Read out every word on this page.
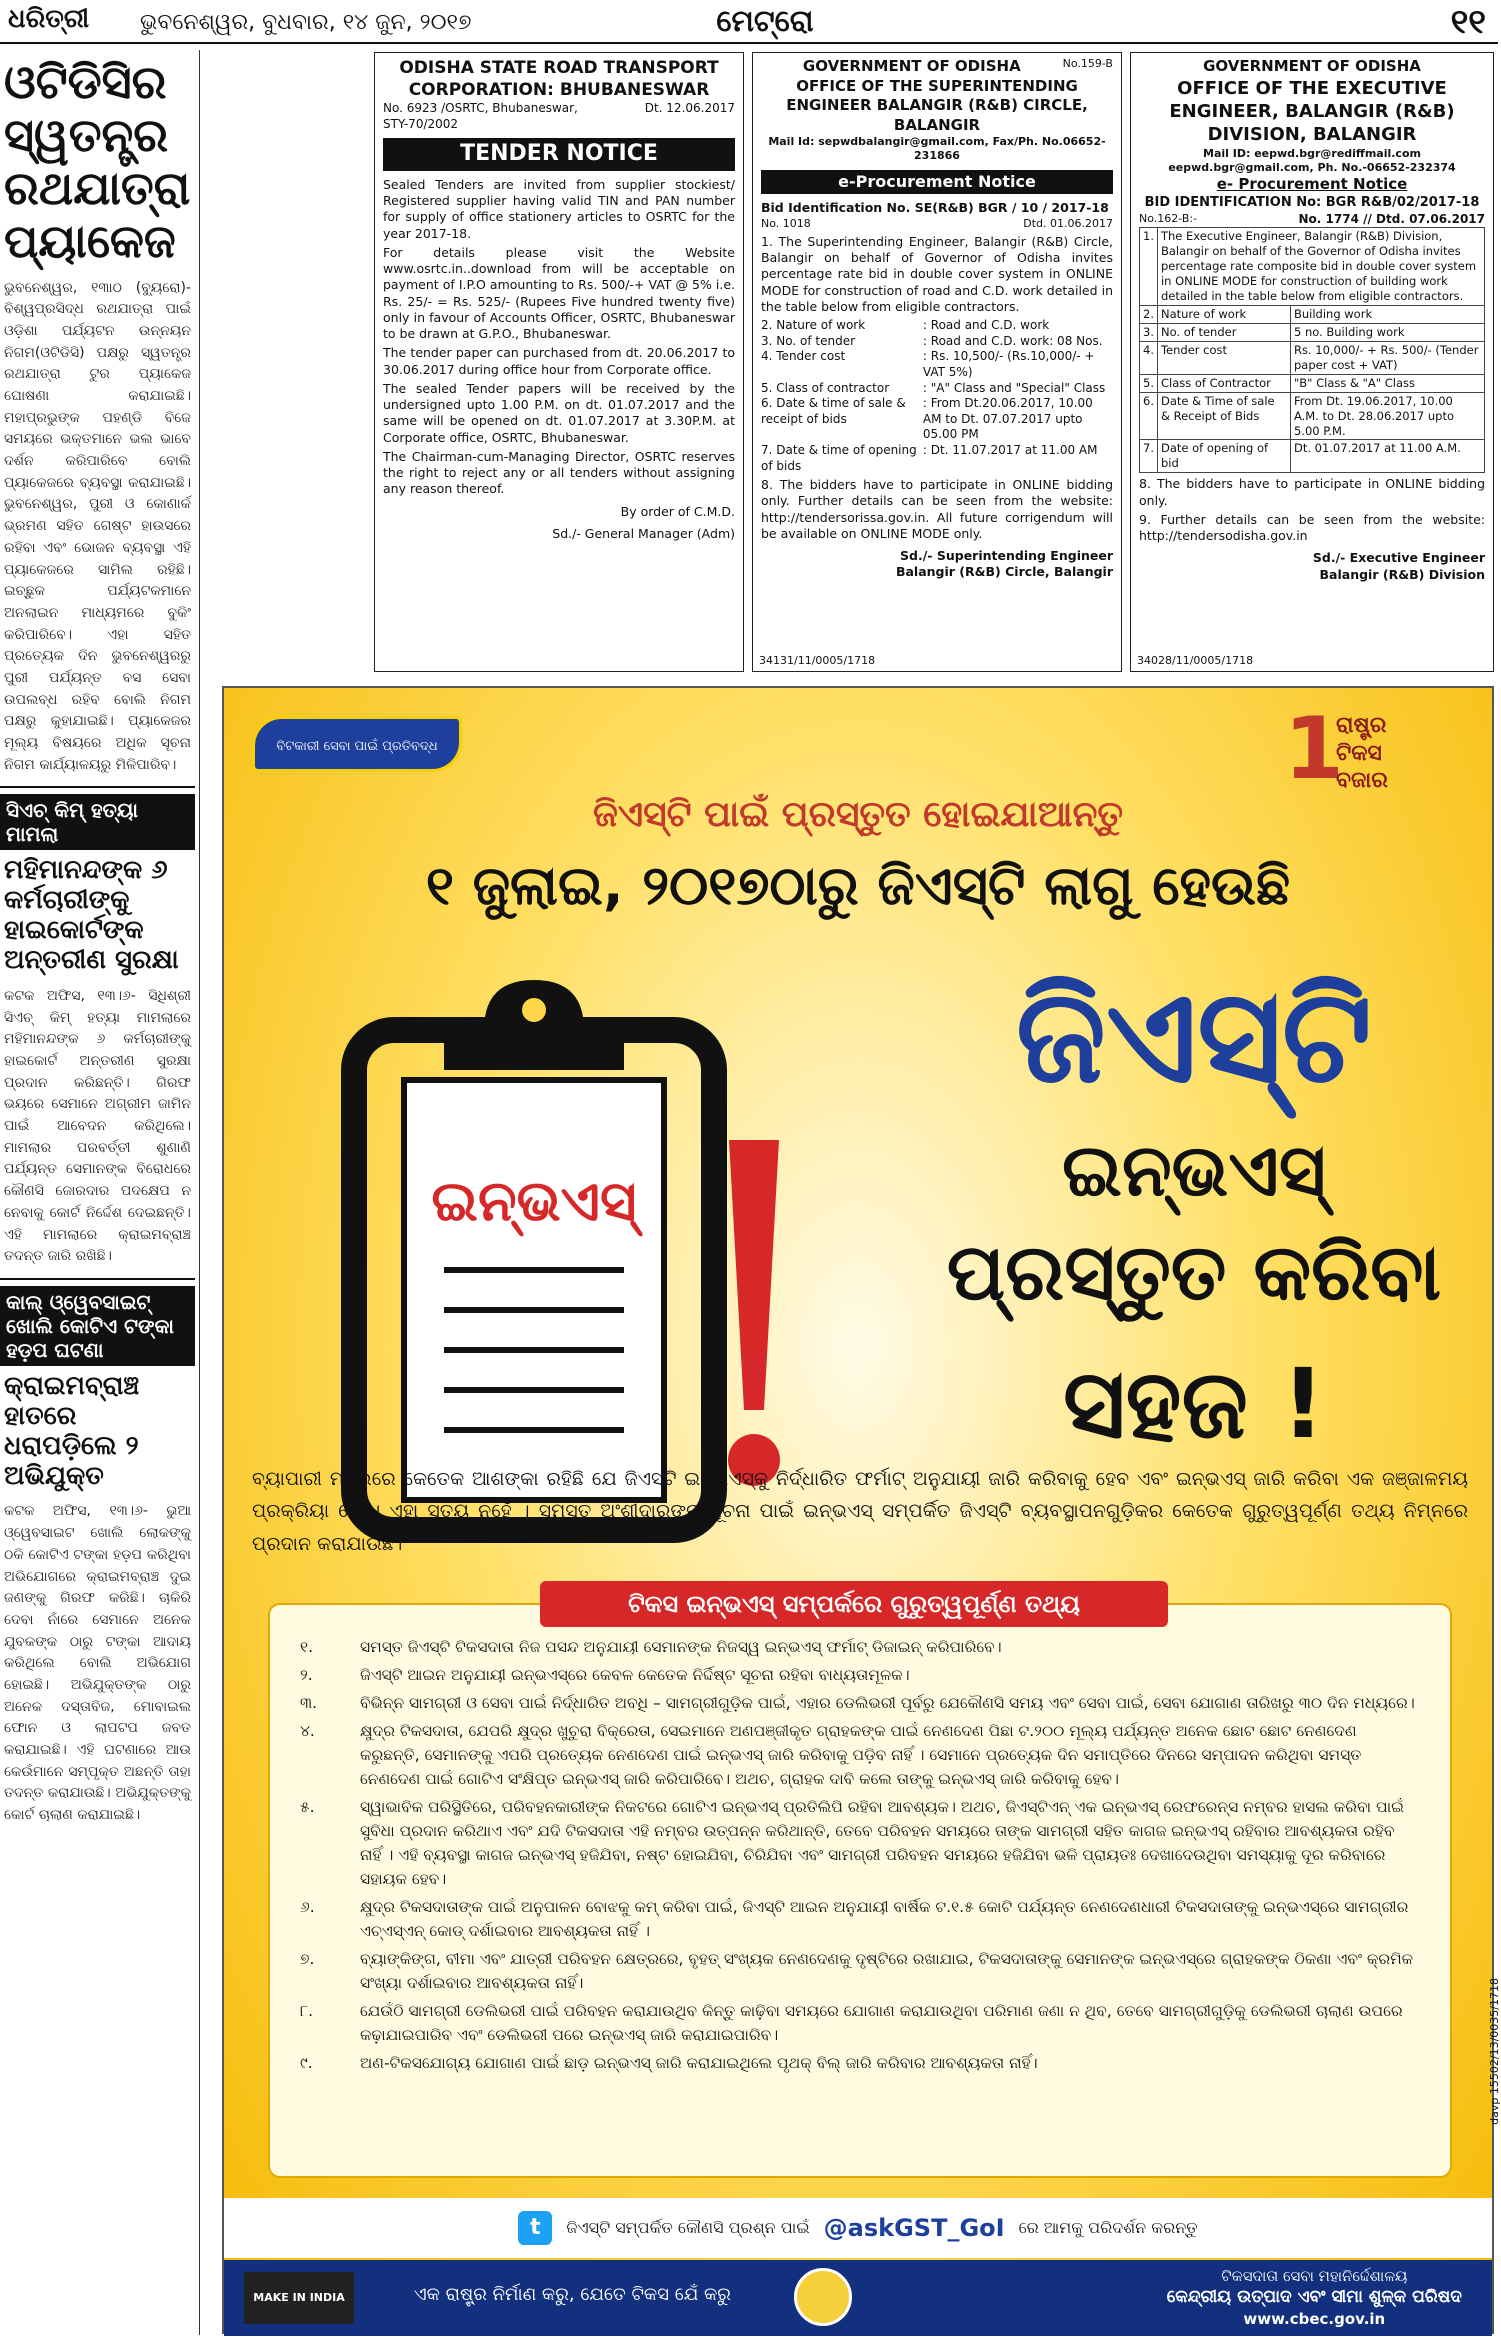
ଧରିତ୍ରୀ ଭୁବନେଶ୍ୱର, ବୁଧବାର, ୧୪ ଜୁନ, ୨୦୧୭	ମେଟ୍ରୋ	୧୧
ଓଟିଡିସିର ସ୍ୱତନ୍ତ୍ର ରଥଯାତ୍ରା ପ୍ୟାକେଜ
ଭୁବନେଶ୍ୱର, ୧୩ାଠ (ବ୍ୟୁରୋ)- ବିଶ୍ୱପ୍ରସିଦ୍ଧ ରଥଯାତ୍ରା ପାଇଁ ଓଡ଼ିଶା ପର୍ଯ୍ୟଟନ ଉନ୍ନୟନ ନିଗମ(ଓଟିଡିସି) ପକ୍ଷରୁ ସ୍ୱତନ୍ତ୍ର ରଥଯାତ୍ରା ଟୁର ପ୍ୟାକେଜ ଘୋଷଣା କରାଯାଇଛି। ମହାପ୍ରଭୁଙ୍କ ପହଣ୍ଡି ବିଜେ ସମୟରେ ଭକ୍ତମାନେ ଭଲ ଭାବେ ଦର୍ଶନ କରିପାରିବେ ବୋଲି ପ୍ୟାକେଜରେ ବ୍ୟବସ୍ଥା କରାଯାଇଛି। ଭୁବନେଶ୍ୱର, ପୁରୀ ଓ କୋଣାର୍କ ଭ୍ରମଣ ସହିତ ଗେଷ୍ଟ ହାଉସରେ ରହିବା ଏବଂ ଭୋଜନ ବ୍ୟବସ୍ଥା ଏହି ପ୍ୟାକେଜରେ ସାମିଲ ରହିଛି। ଇଚ୍ଛୁକ ପର୍ଯ୍ୟଟକମାନେ ଅନଲାଇନ ମାଧ୍ୟମରେ ବୁକିଂ କରିପାରିବେ। ଏହା ସହିତ ପ୍ରତ୍ୟେକ ଦିନ ଭୁବନେଶ୍ୱରରୁ ପୁରୀ ପର୍ଯ୍ୟନ୍ତ ବସ ସେବା ଉପଲବ୍ଧ ରହିବ ବୋଲି ନିଗମ ପକ୍ଷରୁ କୁହାଯାଇଛି। ପ୍ୟାକେଜର ମୂଲ୍ୟ ବିଷୟରେ ଅଧିକ ସୂଚନା ନିଗମ କାର୍ଯ୍ୟାଳୟରୁ ମିଳିପାରିବ।
ସିଏଚ୍ କିମ୍ ହତ୍ୟା ମାମଲା
ମହିମାନନ୍ଦଙ୍କ ୬ କର୍ମଚାରୀଙ୍କୁ ହାଇକୋର୍ଟଙ୍କ ଅନ୍ତରୀଣ ସୁରକ୍ଷା
କଟକ ଅଫିସ, ୧୩।୬- ସିଧିଶ୍ରୀ ସିଏଚ୍ କିମ୍ ହତ୍ୟା ମାମଲାରେ ମହିମାନନ୍ଦଙ୍କ ୬ କର୍ମଚାରୀଙ୍କୁ ହାଇକୋର୍ଟ ଅନ୍ତରୀଣ ସୁରକ୍ଷା ପ୍ରଦାନ କରିଛନ୍ତି। ଗିରଫ ଭୟରେ ସେମାନେ ଅଗ୍ରୀମ ଜାମିନ ପାଇଁ ଆବେଦନ କରିଥିଲେ। ମାମଲାର ପରବର୍ତ୍ତୀ ଶୁଣାଣି ପର୍ଯ୍ୟନ୍ତ ସେମାନଙ୍କ ବିରୋଧରେ କୌଣସି ଜୋରଦାର ପଦକ୍ଷେପ ନ ନେବାକୁ କୋର୍ଟ ନିର୍ଦ୍ଦେଶ ଦେଇଛନ୍ତି। ଏହି ମାମଲାରେ କ୍ରାଇମବ୍ରାଞ୍ଚ ତଦନ୍ତ ଜାରି ରଖିଛି।
କାଲ୍ ଓ୍ୱେବସାଇଟ୍ ଖୋଲି କୋଟିଏ ଟଙ୍କା ହଡ଼ପ ଘଟଣା
କ୍ରାଇମବ୍ରାଞ୍ଚ ହାତରେ ଧରାପଡ଼ିଲେ ୨ ଅଭିଯୁକ୍ତ
କଟକ ଅଫିସ, ୧୩।୬- ଭୁଆ ଓ୍ୱେବସାଇଟ ଖୋଲି ଲୋକଙ୍କୁ ଠକି କୋଟିଏ ଟଙ୍କା ହଡ଼ପ କରିଥିବା ଅଭିଯୋଗରେ କ୍ରାଇମବ୍ରାଞ୍ଚ ଦୁଇ ଜଣଙ୍କୁ ଗିରଫ କରିଛି। ଚାକିରି ଦେବା ନାଁରେ ସେମାନେ ଅନେକ ଯୁବକଙ୍କ ଠାରୁ ଟଙ୍କା ଆଦାୟ କରିଥିଲେ ବୋଲି ଅଭିଯୋଗ ହୋଇଛି। ଅଭିଯୁକ୍ତଙ୍କ ଠାରୁ ଅନେକ ଦସ୍ତାବିଜ, ମୋବାଇଲ ଫୋନ ଓ ଲାପଟପ ଜବତ କରାଯାଇଛି। ଏହି ଘଟଣାରେ ଆଉ କେଉଁମାନେ ସମ୍ପୃକ୍ତ ଅଛନ୍ତି ତାହା ତଦନ୍ତ କରାଯାଉଛି। ଅଭିଯୁକ୍ତଙ୍କୁ କୋର୍ଟ ଚାଲାଣ କରାଯାଇଛି।
ODISHA STATE ROAD TRANSPORT
CORPORATION: BHUBANESWAR
No. 6923 /OSRTC, Bhubaneswar,	Dt. 12.06.2017
STY-70/2002
TENDER NOTICE

Sealed Tenders are invited from supplier stockiest/ Registered supplier having valid TIN and PAN number for supply of office stationery articles to OSRTC for the year 2017-18.

For details please visit the Website www.osrtc.in..download from will be acceptable on payment of I.P.O amounting to Rs. 500/-+ VAT @ 5% i.e. Rs. 25/- = Rs. 525/- (Rupees Five hundred twenty five) only in favour of Accounts Officer, OSRTC, Bhubaneswar to be drawn at G.P.O., Bhubaneswar.

The tender paper can purchased from dt. 20.06.2017 to 30.06.2017 during office hour from Corporate office.

The sealed Tender papers will be received by the undersigned upto 1.00 P.M. on dt. 01.07.2017 and the same will be opened on dt. 01.07.2017 at 3.30P.M. at Corporate office, OSRTC, Bhubaneswar.

The Chairman-cum-Managing Director, OSRTC reserves the right to reject any or all tenders without assigning any reason thereof.

By order of C.M.D.
Sd./- General Manager (Adm)
GOVERNMENT OF ODISHA	No.159-B
OFFICE OF THE SUPERINTENDING ENGINEER BALANGIR (R&B) CIRCLE, BALANGIR
Mail Id: sepwdbalangir@gmail.com, Fax/Ph. No.06652-231866
e-Procurement Notice
Bid Identification No. SE(R&B) BGR / 10 / 2017-18
No. 1018	Dtd. 01.06.2017

1. The Superintending Engineer, Balangir (R&B) Circle, Balangir on behalf of Governor of Odisha invites percentage rate bid in double cover system in ONLINE MODE for construction of road and C.D. work detailed in the table below from eligible contractors.

2. Nature of work	: Road and C.D. work
3. No. of tender	: Road and C.D. work: 08 Nos.
4. Tender cost	: Rs. 10,500/- (Rs.10,000/- + VAT 5%)
5. Class of contractor	: "A" Class and "Special" Class
6. Date & time of sale & receipt of bids
: From Dt.20.06.2017, 10.00 AM to Dt. 07.07.2017 upto 05.00 PM
7. Date & time of opening of bids
: Dt. 11.07.2017 at 11.00 AM

8. The bidders have to participate in ONLINE bidding only. Further details can be seen from the website: http://tendersorissa.gov.in. All future corrigendum will be available on ONLINE MODE only.

Sd./- Superintending Engineer
Balangir (R&B) Circle, Balangir
34131/11/0005/1718
GOVERNMENT OF ODISHA
OFFICE OF THE EXECUTIVE ENGINEER, BALANGIR (R&B) DIVISION, BALANGIR
Mail ID: eepwd.bgr@rediffmail.com
eepwd.bgr@gmail.com, Ph. No.-06652-232374
e- Procurement Notice
BID IDENTIFICATION No: BGR R&B/02/2017-18
No.162-B:-	No. 1774 // Dtd. 07.06.2017
1.	The Executive Engineer, Balangir (R&B) Division, Balangir on behalf of the Governor of Odisha invites percentage rate composite bid in double cover system in ONLINE MODE for construction of building work detailed in the table below from eligible contractors.	
2.	Nature of work	Building work
3.	No. of tender	5 no. Building work
4.	Tender cost	Rs. 10,000/- + Rs. 500/- (Tender paper cost + VAT)
5.	Class of Contractor	"B" Class & "A" Class
6.	Date & Time of sale & Receipt of Bids	From Dt. 19.06.2017, 10.00 A.M. to Dt. 28.06.2017 upto 5.00 P.M.
7.	Date of opening of bid	Dt. 01.07.2017 at 11.00 A.M.

8. The bidders have to participate in ONLINE bidding only.

9. Further details can be seen from the website: http://tendersodisha.gov.in

Sd./- Executive Engineer
Balangir (R&B) Division
34028/11/0005/1718
ବିଟକାରୀ ସେବା ପାଇଁ ପ୍ରତିବଦ୍ଧ	1
ରାଷ୍ଟ୍ର
ଟିକସ
ବଜାର
ଜିଏସ୍‌ଟି ପାଇଁ ପ୍ରସ୍ତୁତ ହୋଇଯାଆନ୍ତୁ
୧ ଜୁଲାଇ, ୨୦୧୭ଠାରୁ ଜିଏସ୍‌ଟି ଲାଗୁ ହେଉଛି
ଇନ୍‌ଭଏସ୍
ଜିଏସ୍‌ଟି
ଇନ୍‌ଭଏସ୍
ପ୍ରସ୍ତୁତ କରିବା
ସହଜ !
ବ୍ୟାପାରୀ ମହଲରେ କେତେକ ଆଶଙ୍କା ରହିଛି ଯେ ଜିଏସ୍‌ଟି ଇନ୍‌ଭଏସ୍‌କୁ ନିର୍ଦ୍ଧାରିତ ଫର୍ମାଟ୍ ଅନୁଯାୟୀ ଜାରି କରିବାକୁ ହେବ ଏବଂ ଇନ୍‌ଭଏସ୍ ଜାରି କରିବା ଏକ ଜଞ୍ଜାଳମୟ ପ୍ରକ୍ରିୟା ହେବ। ଏହା ସତ୍ୟ ନୁହେଁ । ସମସ୍ତ ଅଂଶୀଦାରଙ୍କ ସୂଚନା ପାଇଁ ଇନ୍‌ଭଏସ୍ ସମ୍ପର୍କିତ ଜିଏସ୍‌ଟି ବ୍ୟବସ୍ଥାପନଗୁଡ଼ିକର କେତେକ ଗୁରୁତ୍ୱପୂର୍ଣ୍ଣ ତଥ୍ୟ ନିମ୍ନରେ ପ୍ରଦାନ କରାଯାଉଛି।
୧.	ସମସ୍ତ ଜିଏସ୍‌ଟି ଟିକସଦାତା ନିଜ ପସନ୍ଦ ଅନୁଯାୟୀ ସେମାନଙ୍କ ନିଜସ୍ୱ ଇନ୍‌ଭଏସ୍ ଫର୍ମାଟ୍ ଡିଜାଇନ୍ କରିପାରିବେ।
୨.	ଜିଏସ୍‌ଟି ଆଇନ ଅନୁଯାୟୀ ଇନ୍‌ଭଏସ୍‌ରେ କେବଳ କେତେକ ନିର୍ଦ୍ଦିଷ୍ଟ ସୂଚନା ରହିବା ବାଧ୍ୟତାମୂଳକ।
୩.	ବିଭିନ୍ନ ସାମଗ୍ରୀ ଓ ସେବା ପାଇଁ ନିର୍ଦ୍ଧାରିତ ଅବଧି – ସାମଗ୍ରୀଗୁଡ଼ିକ ପାଇଁ, ଏହାର ଡେଲିଭରୀ ପୂର୍ବରୁ ଯେକୌଣସି ସମୟ ଏବଂ ସେବା ପାଇଁ, ସେବା ଯୋଗାଣ ତାରିଖରୁ ୩୦ ଦିନ ମଧ୍ୟରେ।
୪.	କ୍ଷୁଦ୍ର ଟିକସଦାତା, ଯେପରି କ୍ଷୁଦ୍ର ଖୁଚୁରା ବିକ୍ରେତା, ସେଇମାନେ ଅଣପଞ୍ଜୀକୃତ ଗ୍ରାହକଙ୍କ ପାଇଁ ନେଣଦେଣ ପିଛା ଟ.୨୦୦ ମୂଲ୍ୟ ପର୍ଯ୍ୟନ୍ତ ଅନେକ ଛୋଟ ଛୋଟ ନେଣଦେଣ କରୁଛନ୍ତି, ସେମାନଙ୍କୁ ଏପରି ପ୍ରତ୍ୟେକ ନେଣଦେଣ ପାଇଁ ଇନ୍‌ଭଏସ୍ ଜାରି କରିବାକୁ ପଡ଼ିବ ନାହିଁ । ସେମାନେ ପ୍ରତ୍ୟେକ ଦିନ ସମାପ୍ତିରେ ଦିନରେ ସମ୍ପାଦନ କରିଥିବା ସମସ୍ତ ନେଣଦେଣ ପାଇଁ ଗୋଟିଏ ସଂକ୍ଷିପ୍ତ ଇନ୍‌ଭଏସ୍ ଜାରି କରିପାରିବେ। ଅଥଚ, ଗ୍ରାହକ ଦାବି କଲେ ତାଙ୍କୁ ଇନ୍‌ଭଏସ୍ ଜାରି କରିବାକୁ ହେବ।
୫.	ସ୍ୱାଭାବିକ ପରିସ୍ଥିତିରେ, ପରିବହନକାରୀଙ୍କ ନିକଟରେ ଗୋଟିଏ ଇନ୍‌ଭଏସ୍ ପ୍ରତିଲିପି ରହିବା ଆବଶ୍ୟକ। ଅଥଚ, ଜିଏସ୍‌ଟିଏନ୍ ଏକ ଇନ୍‌ଭଏସ୍ ରେଫରେନ୍ସ ନମ୍ବର ହାସଲ କରିବା ପାଇଁ ସୁବିଧା ପ୍ରଦାନ କରିଥାଏ ଏବଂ ଯଦି ଟିକସଦାତା ଏହି ନମ୍ବର ଉତ୍ପନ୍ନ କରିଥାନ୍ତି, ତେବେ ପରିବହନ ସମୟରେ ତାଙ୍କ ସାମଗ୍ରୀ ସହିତ କାଗଜ ଇନ୍‌ଭଏସ୍ ରହିବାର ଆବଶ୍ୟକତା ରହିବ ନାହିଁ । ଏହି ବ୍ୟବସ୍ଥା କାଗଜ ଇନ୍‌ଭଏସ୍ ହଜିଯିବା, ନଷ୍ଟ ହୋଇଯିବା, ଚିରିଯିବା ଏବଂ ସାମଗ୍ରୀ ପରିବହନ ସମୟରେ ହଜିଯିବା ଭଳି ପ୍ରାୟତଃ ଦେଖାଦେଉଥିବା ସମସ୍ୟାକୁ ଦୂର କରିବାରେ ସହାୟକ ହେବ।
୬.	କ୍ଷୁଦ୍ର ଟିକସଦାତାଙ୍କ ପାଇଁ ଅନୁପାଳନ ବୋଝକୁ କମ୍ କରିବା ପାଇଁ, ଜିଏସ୍‌ଟି ଆଇନ ଅନୁଯାୟୀ ବାର୍ଷିକ ଟ.୧.୫ କୋଟି ପର୍ଯ୍ୟନ୍ତ ନେଣଦେଣଧାରୀ ଟିକସଦାତାଙ୍କୁ ଇନ୍‌ଭଏସ୍‌ରେ ସାମଗ୍ରୀର ଏଚ୍‌ଏସ୍‌ଏନ୍ କୋଡ୍ ଦର୍ଶାଇବାର ଆବଶ୍ୟକତା ନାହିଁ ।
୭.	ବ୍ୟାଙ୍କିଙ୍ଗ, ବୀମା ଏବଂ ଯାତ୍ରୀ ପରିବହନ କ୍ଷେତ୍ରରେ, ବୃହତ୍ ସଂଖ୍ୟକ ନେଣଦେଣକୁ ଦୃଷ୍ଟିରେ ରଖାଯାଇ, ଟିକସଦାତାଙ୍କୁ ସେମାନଙ୍କ ଇନ୍‌ଭଏସ୍‌ରେ ଗ୍ରାହକଙ୍କ ଠିକଣା ଏବଂ କ୍ରମିକ ସଂଖ୍ୟା ଦର୍ଶାଇବାର ଆବଶ୍ୟକତା ନାହିଁ।
୮.	ଯେଉଁଠି ସାମଗ୍ରୀ ଡେଲିଭରୀ ପାଇଁ ପରିବହନ କରାଯାଉଥିବ କିନ୍ତୁ କାଢ଼ିବା ସମୟରେ ଯୋଗାଣ କରାଯାଉଥିବା ପରିମାଣ ଜଣା ନ ଥିବ, ତେବେ ସାମଗ୍ରୀଗୁଡ଼ିକୁ ଡେଲିଭରୀ ଚାଲାଣ ଉପରେ କଢ଼ାଯାଇପାରିବ ଏବଂ ଡେଲିଭରୀ ପରେ ଇନ୍‌ଭଏସ୍ ଜାରି କରାଯାଇପାରିବ।
୯.	ଅଣ-ଟିକସଯୋଗ୍ୟ ଯୋଗାଣ ପାଇଁ ଛାଡ଼ ଇନ୍‌ଭଏସ୍ ଜାରି କରାଯାଇଥିଲେ ପୃଥକ୍ ବିଲ୍ ଜାରି କରିବାର ଆବଶ୍ୟକତା ନାହିଁ।
ଟିକସ ଇନ୍‌ଭଏସ୍ ସମ୍ପର୍କରେ ଗୁରୁତ୍ୱପୂର୍ଣ୍ଣ ତଥ୍ୟ
davp 15502/13/0035/1718
t	ଜିଏସ୍‌ଟି ସମ୍ପର୍କିତ କୌଣସି ପ୍ରଶ୍ନ ପାଇଁ @askGST_GoI ରେ ଆମକୁ ପରିଦର୍ଶନ କରନ୍ତୁ
MAKE IN INDIA	ଏକ ରାଷ୍ଟ୍ର ନିର୍ମାଣ କରୁ, ଯେତେ ଟିକସ ଯେଁ କରୁ
ଟିକସଦାତା ସେବା ମହାନିର୍ଦ୍ଦେଶାଳୟ
କେନ୍ଦ୍ରୀୟ ଉତ୍ପାଦ ଏବଂ ସୀମା ଶୁଳ୍କ ପରିଷଦ
www.cbec.gov.in
